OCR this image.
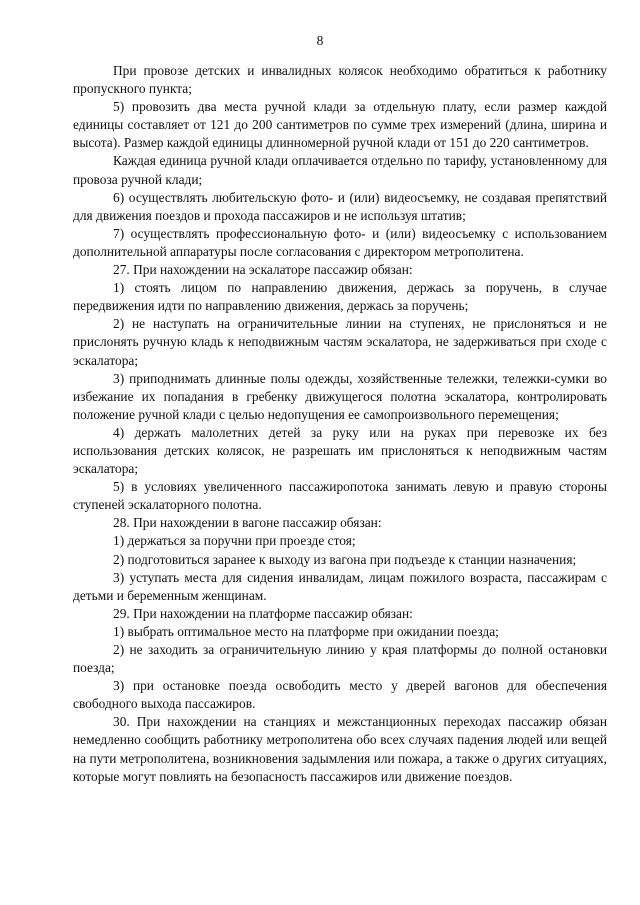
8

При провозе детских и инвалидных колясок необходимо обратиться к работнику пропускного пункта;

5) провозить два места ручной клади за отдельную плату, если размер каждой единицы составляет от 121 до 200 сантиметров по сумме трех измерений (длина, ширина и высота). Размер каждой единицы длинномерной ручной клади от 151 до 220 сантиметров.

Каждая единица ручной клади оплачивается отдельно по тарифу, установленному для провоза ручной клади;

6) осуществлять любительскую фото- и (или) видеосъемку, не создавая препятствий для движения поездов и прохода пассажиров и не используя штатив;

7) осуществлять профессиональную фото- и (или) видеосъемку с использованием дополнительной аппаратуры после согласования с директором метрополитена.

27. При нахождении на эскалаторе пассажир обязан:

1) стоять лицом по направлению движения, держась за поручень, в случае передвижения идти по направлению движения, держась за поручень;

2) не наступать на ограничительные линии на ступенях, не прислоняться и не прислонять ручную кладь к неподвижным частям эскалатора, не задерживаться при сходе с эскалатора;

3) приподнимать длинные полы одежды, хозяйственные тележки, тележки-сумки во избежание их попадания в гребенку движущегося полотна эскалатора, контролировать положение ручной клади с целью недопущения ее самопроизвольного перемещения;

4) держать малолетних детей за руку или на руках при перевозке их без использования детских колясок, не разрешать им прислоняться к неподвижным частям эскалатора;

5) в условиях увеличенного пассажиропотока занимать левую и правую стороны ступеней эскалаторного полотна.

28. При нахождении в вагоне пассажир обязан:

1) держаться за поручни при проезде стоя;

2) подготовиться заранее к выходу из вагона при подъезде к станции назначения;

3) уступать места для сидения инвалидам, лицам пожилого возраста, пассажирам с детьми и беременным женщинам.

29. При нахождении на платформе пассажир обязан:

1) выбрать оптимальное место на платформе при ожидании поезда;

2) не заходить за ограничительную линию у края платформы до полной остановки поезда;

3) при остановке поезда освободить место у дверей вагонов для обеспечения свободного выхода пассажиров.

30. При нахождении на станциях и межстанционных переходах пассажир обязан немедленно сообщить работнику метрополитена обо всех случаях падения людей или вещей на пути метрополитена, возникновения задымления или пожара, а также о других ситуациях, которые могут повлиять на безопасность пассажиров или движение поездов.
